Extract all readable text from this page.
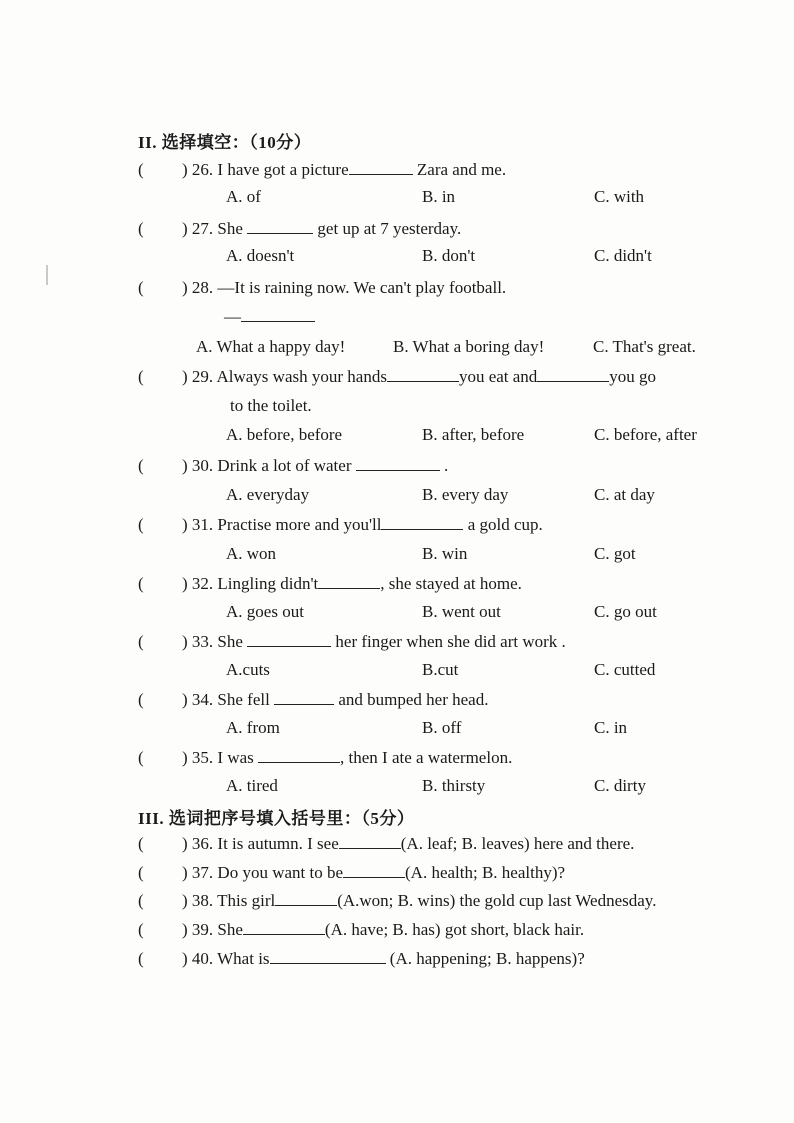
II. 选择填空：（10分）
( ) 26. I have got a picture	Zara and me.
A. of	B. in	C. with
( ) 27. She	get up at 7 yesterday.
A. doesn't	B. don't	C. didn't
( ) 28. —It is raining now. We can't play football.
—
A. What a happy day!	B. What a boring day!	C. That's great.
( ) 29. Always wash your hands	you eat and	you go
to the toilet.
A. before, before	B. after, before	C. before, after
( ) 30. Drink a lot of water	.
A. everyday	B. every day	C. at day
( ) 31. Practise more and you'll	a gold cup.
A. won	B. win	C. got
( ) 32. Lingling didn't	, she stayed at home.
A. goes out	B. went out	C. go out
( ) 33. She	her finger when she did art work .
A.cuts	B.cut	C. cutted
( ) 34. She fell	and bumped her head.
A. from	B. off	C. in
( ) 35. I was	, then I ate a watermelon.
A. tired	B. thirsty	C. dirty
III. 选词把序号填入括号里：（5分）
( ) 36. It is autumn. I see	(A. leaf; B. leaves) here and there.
( ) 37. Do you want to be	(A. health; B. healthy)?
( ) 38. This girl	(A.won; B. wins) the gold cup last Wednesday.
( ) 39. She	(A. have; B. has) got short, black hair.
( ) 40. What is	(A. happening; B. happens)?
